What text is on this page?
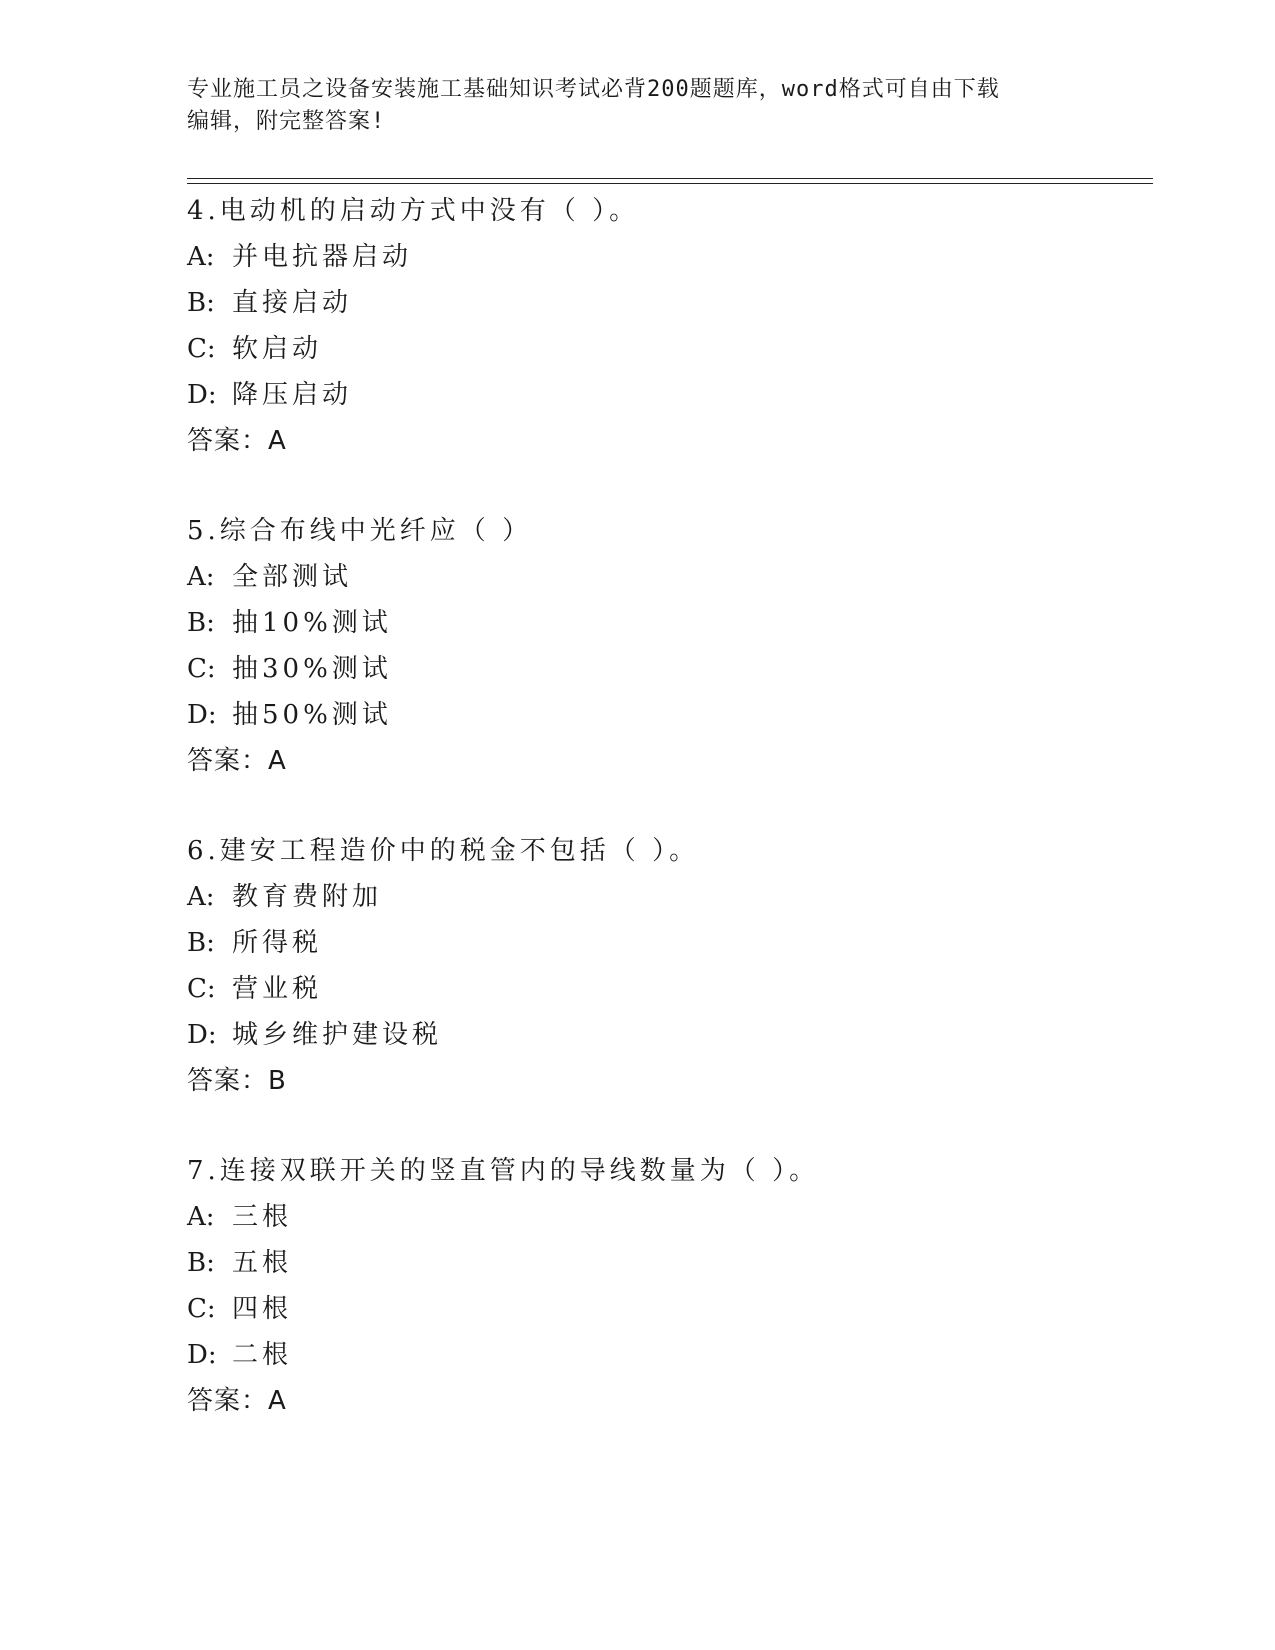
专业施工员之设备安装施工基础知识考试必背200题题库，word格式可自由下载
编辑，附完整答案!
4.电动机的启动方式中没有（ ）。
A: 并电抗器启动
B: 直接启动
C: 软启动
D: 降压启动
答案：A
5.综合布线中光纤应（ ）
A: 全部测试
B: 抽10%测试
C: 抽30%测试
D: 抽50%测试
答案：A
6.建安工程造价中的税金不包括（ ）。
A: 教育费附加
B: 所得税
C: 营业税
D: 城乡维护建设税
答案：B
7.连接双联开关的竖直管内的导线数量为（ ）。
A: 三根
B: 五根
C: 四根
D: 二根
答案：A
